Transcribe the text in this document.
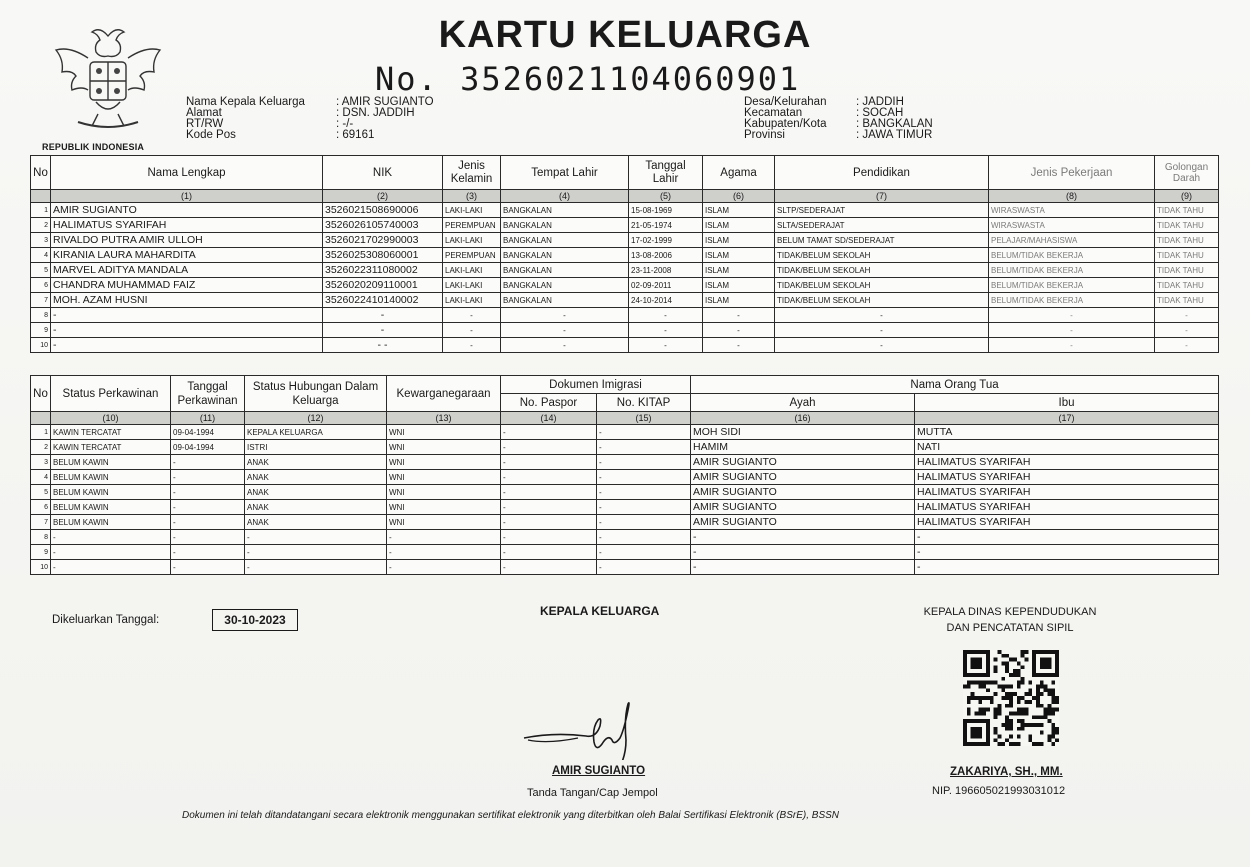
REPUBLIK INDONESIA
KARTU KELUARGA
No. 3526021104060901
Nama Kepala Keluarga	: AMIR SUGIANTO
Alamat	: DSN. JADDIH
RT/RW	: -/-
Kode Pos	: 69161
Desa/Kelurahan	: JADDIH
Kecamatan	: SOCAH
Kabupaten/Kota	: BANGKALAN
Provinsi	: JAWA TIMUR
No	Nama Lengkap	NIK	Jenis Kelamin	Tempat Lahir	Tanggal Lahir	Agama	Pendidikan	Jenis Pekerjaan	Golongan Darah
	(1)	(2)	(3)	(4)	(5)	(6)	(7)	(8)	(9)
1	AMIR SUGIANTO	3526021508690006	LAKI-LAKI	BANGKALAN	15-08-1969	ISLAM	SLTP/SEDERAJAT	WIRASWASTA	TIDAK TAHU
2	HALIMATUS SYARIFAH	3526026105740003	PEREMPUAN	BANGKALAN	21-05-1974	ISLAM	SLTA/SEDERAJAT	WIRASWASTA	TIDAK TAHU
3	RIVALDO PUTRA AMIR ULLOH	3526021702990003	LAKI-LAKI	BANGKALAN	17-02-1999	ISLAM	BELUM TAMAT SD/SEDERAJAT	PELAJAR/MAHASISWA	TIDAK TAHU
4	KIRANIA LAURA MAHARDITA	3526025308060001	PEREMPUAN	BANGKALAN	13-08-2006	ISLAM	TIDAK/BELUM SEKOLAH	BELUM/TIDAK BEKERJA	TIDAK TAHU
5	MARVEL ADITYA MANDALA	3526022311080002	LAKI-LAKI	BANGKALAN	23-11-2008	ISLAM	TIDAK/BELUM SEKOLAH	BELUM/TIDAK BEKERJA	TIDAK TAHU
6	CHANDRA MUHAMMAD FAIZ	3526020209110001	LAKI-LAKI	BANGKALAN	02-09-2011	ISLAM	TIDAK/BELUM SEKOLAH	BELUM/TIDAK BEKERJA	TIDAK TAHU
7	MOH. AZAM HUSNI	3526022410140002	LAKI-LAKI	BANGKALAN	24-10-2014	ISLAM	TIDAK/BELUM SEKOLAH	BELUM/TIDAK BEKERJA	TIDAK TAHU
8	-	-	-	-	-	-	-	-	-
9	-	-	-	-	-	-	-	-	-
10	-	- -	-	-	-	-	-	-	-
No	Status Perkawinan	Tanggal Perkawinan	Status Hubungan Dalam Keluarga	Kewarganegaraan	Dokumen Imigrasi		Nama Orang Tua	
					No. Paspor	No. KITAP	Ayah	Ibu
	(10)	(11)	(12)	(13)	(14)	(15)	(16)	(17)
1	KAWIN TERCATAT	09-04-1994	KEPALA KELUARGA	WNI	-	-	MOH SIDI	MUTTA
2	KAWIN TERCATAT	09-04-1994	ISTRI	WNI	-	-	HAMIM	NATI
3	BELUM KAWIN	-	ANAK	WNI	-	-	AMIR SUGIANTO	HALIMATUS SYARIFAH
4	BELUM KAWIN	-	ANAK	WNI	-	-	AMIR SUGIANTO	HALIMATUS SYARIFAH
5	BELUM KAWIN	-	ANAK	WNI	-	-	AMIR SUGIANTO	HALIMATUS SYARIFAH
6	BELUM KAWIN	-	ANAK	WNI	-	-	AMIR SUGIANTO	HALIMATUS SYARIFAH
7	BELUM KAWIN	-	ANAK	WNI	-	-	AMIR SUGIANTO	HALIMATUS SYARIFAH
8	-	-	-	-	-	-	-	-
9	-	-	-	-	-	-	-	-
10	-	-	-	-	-	-	-	-
Dikeluarkan Tanggal:	30-10-2023
KEPALA KELUARGA	KEPALA DINAS KEPENDUDUKAN
DAN PENCATATAN SIPIL
AMIR SUGIANTO
Tanda Tangan/Cap Jempol
ZAKARIYA, SH., MM.
NIP. 196605021993031012
Dokumen ini telah ditandatangani secara elektronik menggunakan sertifikat elektronik yang diterbitkan oleh Balai Sertifikasi Elektronik (BSrE), BSSN
